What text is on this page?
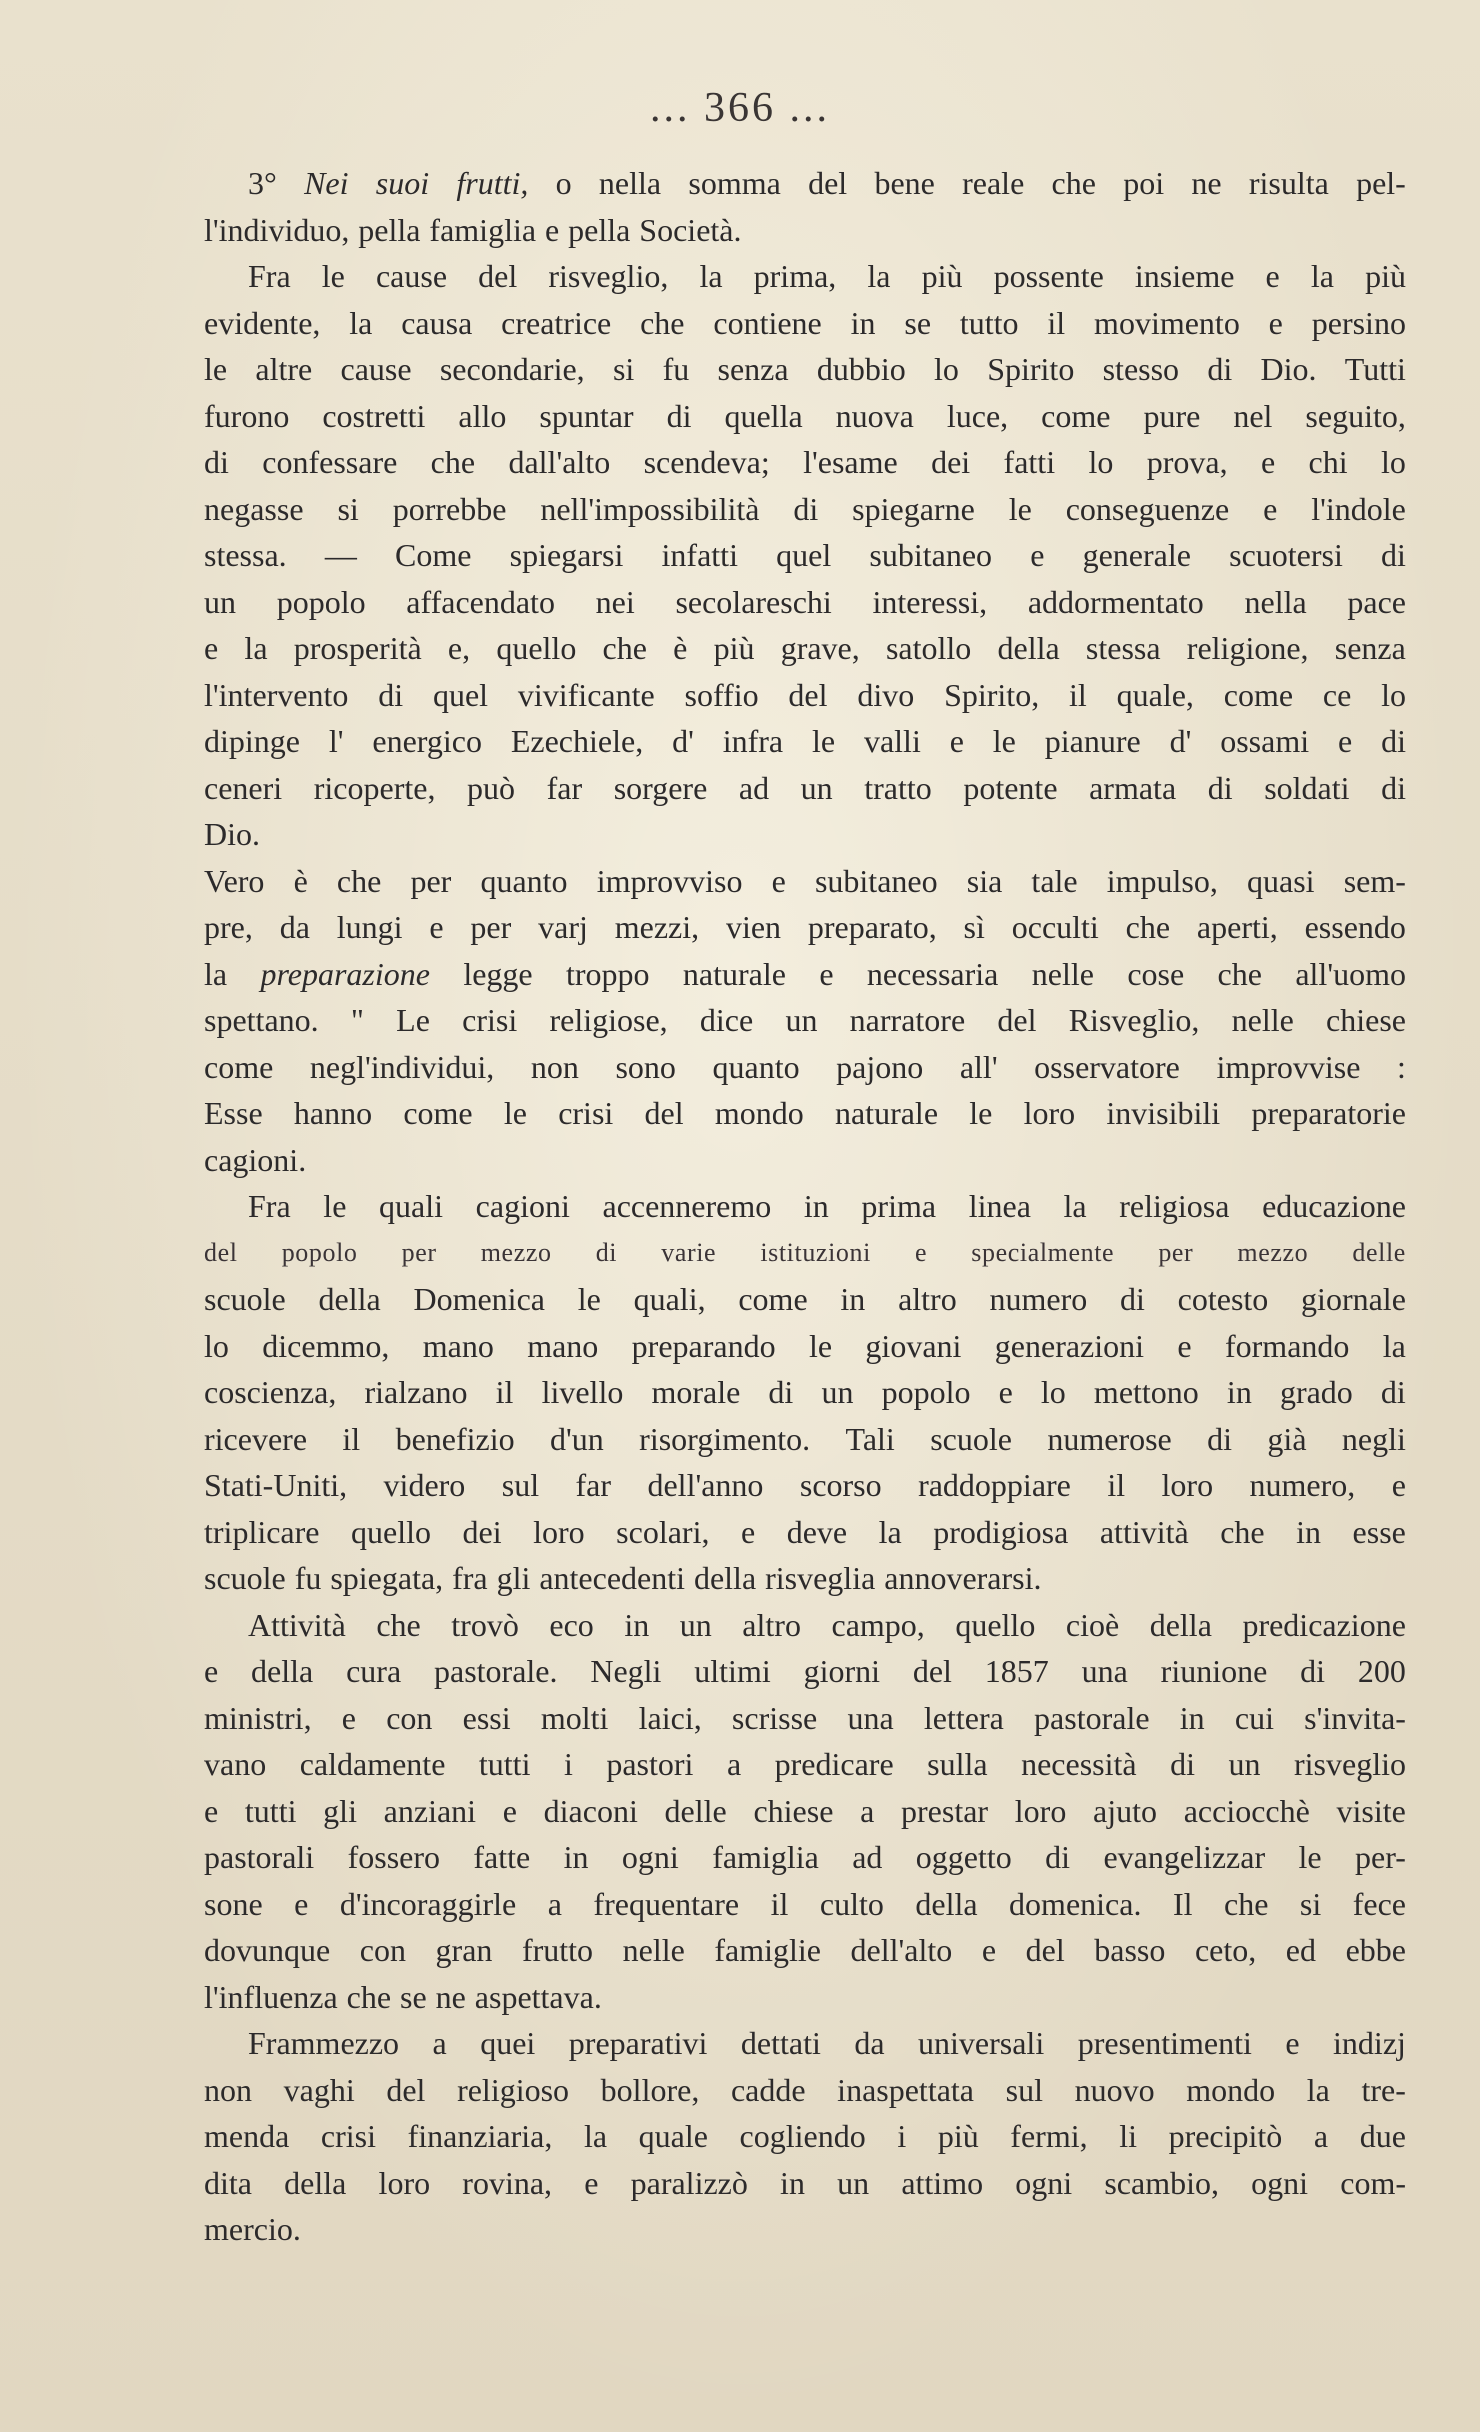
... 366 ...
3° Nei suoi frutti, o nella somma del bene reale che poi ne risulta pel-
l'individuo, pella famiglia e pella Società.
Fra le cause del risveglio, la prima, la più possente insieme e la più
evidente, la causa creatrice che contiene in se tutto il movimento e persino
le altre cause secondarie, si fu senza dubbio lo Spirito stesso di Dio. Tutti
furono costretti allo spuntar di quella nuova luce, come pure nel seguito,
di confessare che dall'alto scendeva; l'esame dei fatti lo prova, e chi lo
negasse si porrebbe nell'impossibilità di spiegarne le conseguenze e l'indole
stessa. — Come spiegarsi infatti quel subitaneo e generale scuotersi di
un popolo affacendato nei secolareschi interessi, addormentato nella pace
e la prosperità e, quello che è più grave, satollo della stessa religione, senza
l'intervento di quel vivificante soffio del divo Spirito, il quale, come ce lo
dipinge l' energico Ezechiele, d' infra le valli e le pianure d' ossami e di
ceneri ricoperte, può far sorgere ad un tratto potente armata di soldati di
Dio.
Vero è che per quanto improvviso e subitaneo sia tale impulso, quasi sem-
pre, da lungi e per varj mezzi, vien preparato, sì occulti che aperti, essendo
la preparazione legge troppo naturale e necessaria nelle cose che all'uomo
spettano. " Le crisi religiose, dice un narratore del Risveglio, nelle chiese
come negl'individui, non sono quanto pajono all' osservatore improvvise :
Esse hanno come le crisi del mondo naturale le loro invisibili preparatorie
cagioni.
Fra le quali cagioni accenneremo in prima linea la religiosa educazione
del popolo per mezzo di varie istituzioni e specialmente per mezzo delle
scuole della Domenica le quali, come in altro numero di cotesto giornale
lo dicemmo, mano mano preparando le giovani generazioni e formando la
coscienza, rialzano il livello morale di un popolo e lo mettono in grado di
ricevere il benefizio d'un risorgimento. Tali scuole numerose di già negli
Stati-Uniti, videro sul far dell'anno scorso raddoppiare il loro numero, e
triplicare quello dei loro scolari, e deve la prodigiosa attività che in esse
scuole fu spiegata, fra gli antecedenti della risveglia annoverarsi.
Attività che trovò eco in un altro campo, quello cioè della predicazione
e della cura pastorale. Negli ultimi giorni del 1857 una riunione di 200
ministri, e con essi molti laici, scrisse una lettera pastorale in cui s'invita-
vano caldamente tutti i pastori a predicare sulla necessità di un risveglio
e tutti gli anziani e diaconi delle chiese a prestar loro ajuto acciocchè visite
pastorali fossero fatte in ogni famiglia ad oggetto di evangelizzar le per-
sone e d'incoraggirle a frequentare il culto della domenica. Il che si fece
dovunque con gran frutto nelle famiglie dell'alto e del basso ceto, ed ebbe
l'influenza che se ne aspettava.
Frammezzo a quei preparativi dettati da universali presentimenti e indizj
non vaghi del religioso bollore, cadde inaspettata sul nuovo mondo la tre-
menda crisi finanziaria, la quale cogliendo i più fermi, li precipitò a due
dita della loro rovina, e paralizzò in un attimo ogni scambio, ogni com-
mercio.
